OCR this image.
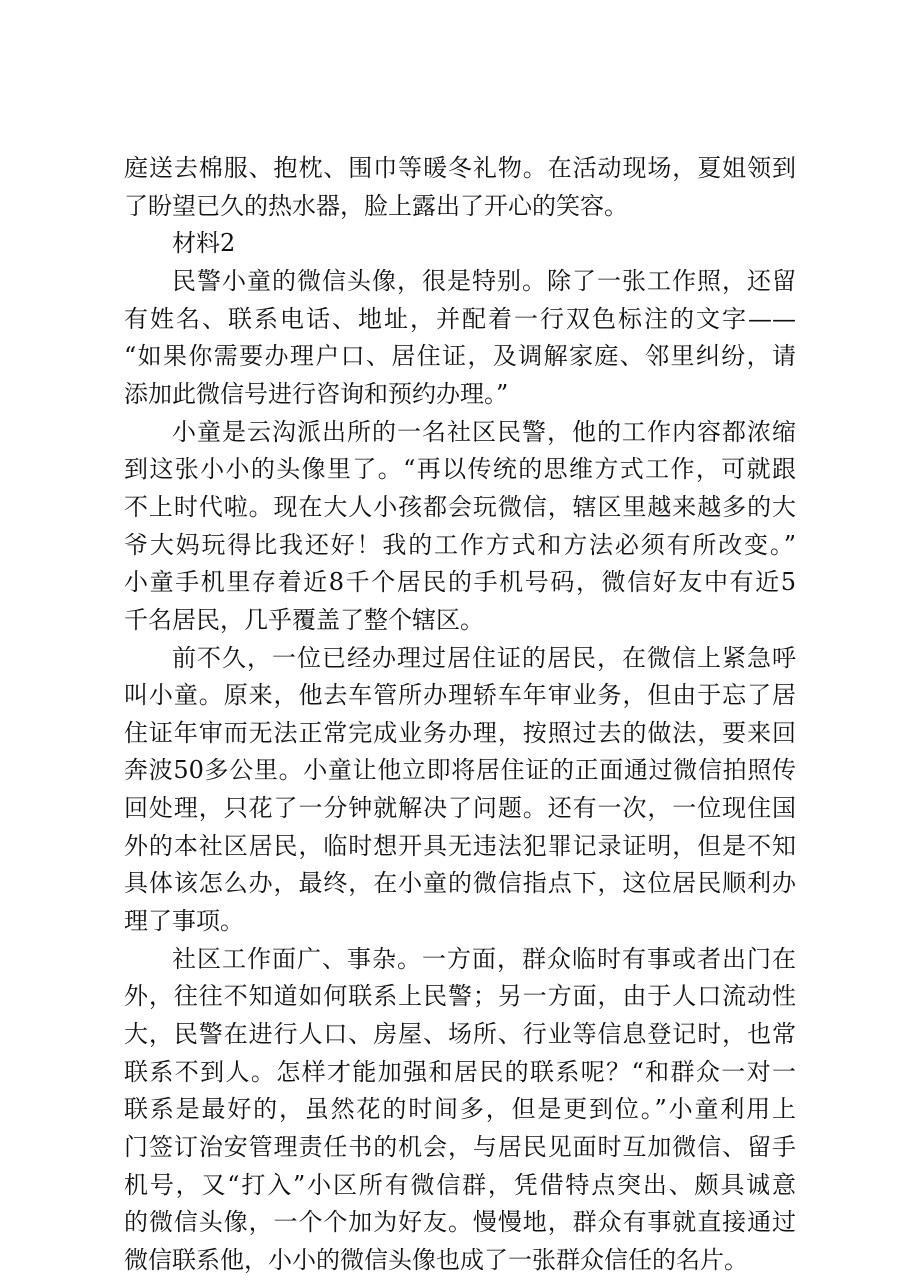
庭送去棉服、抱枕、围巾等暖冬礼物。在活动现场，夏姐领到
了盼望已久的热水器，脸上露出了开心的笑容。
材料2
民警小童的微信头像，很是特别。除了一张工作照，还留
有姓名、联系电话、地址，并配着一行双色标注的文字——
“如果你需要办理户口、居住证，及调解家庭、邻里纠纷，请
添加此微信号进行咨询和预约办理。”
小童是云沟派出所的一名社区民警，他的工作内容都浓缩
到这张小小的头像里了。“再以传统的思维方式工作，可就跟
不上时代啦。现在大人小孩都会玩微信，辖区里越来越多的大
爷大妈玩得比我还好！我的工作方式和方法必须有所改变。”
小童手机里存着近8千个居民的手机号码，微信好友中有近5
千名居民，几乎覆盖了整个辖区。
前不久，一位已经办理过居住证的居民，在微信上紧急呼
叫小童。原来，他去车管所办理轿车年审业务，但由于忘了居
住证年审而无法正常完成业务办理，按照过去的做法，要来回
奔波50多公里。小童让他立即将居住证的正面通过微信拍照传
回处理，只花了一分钟就解决了问题。还有一次，一位现住国
外的本社区居民，临时想开具无违法犯罪记录证明，但是不知
具体该怎么办，最终，在小童的微信指点下，这位居民顺利办
理了事项。
社区工作面广、事杂。一方面，群众临时有事或者出门在
外，往往不知道如何联系上民警；另一方面，由于人口流动性
大，民警在进行人口、房屋、场所、行业等信息登记时，也常
联系不到人。怎样才能加强和居民的联系呢？“和群众一对一
联系是最好的，虽然花的时间多，但是更到位。”小童利用上
门签订治安管理责任书的机会，与居民见面时互加微信、留手
机号，又“打入”小区所有微信群，凭借特点突出、颇具诚意
的微信头像，一个个加为好友。慢慢地，群众有事就直接通过
微信联系他，小小的微信头像也成了一张群众信任的名片。
